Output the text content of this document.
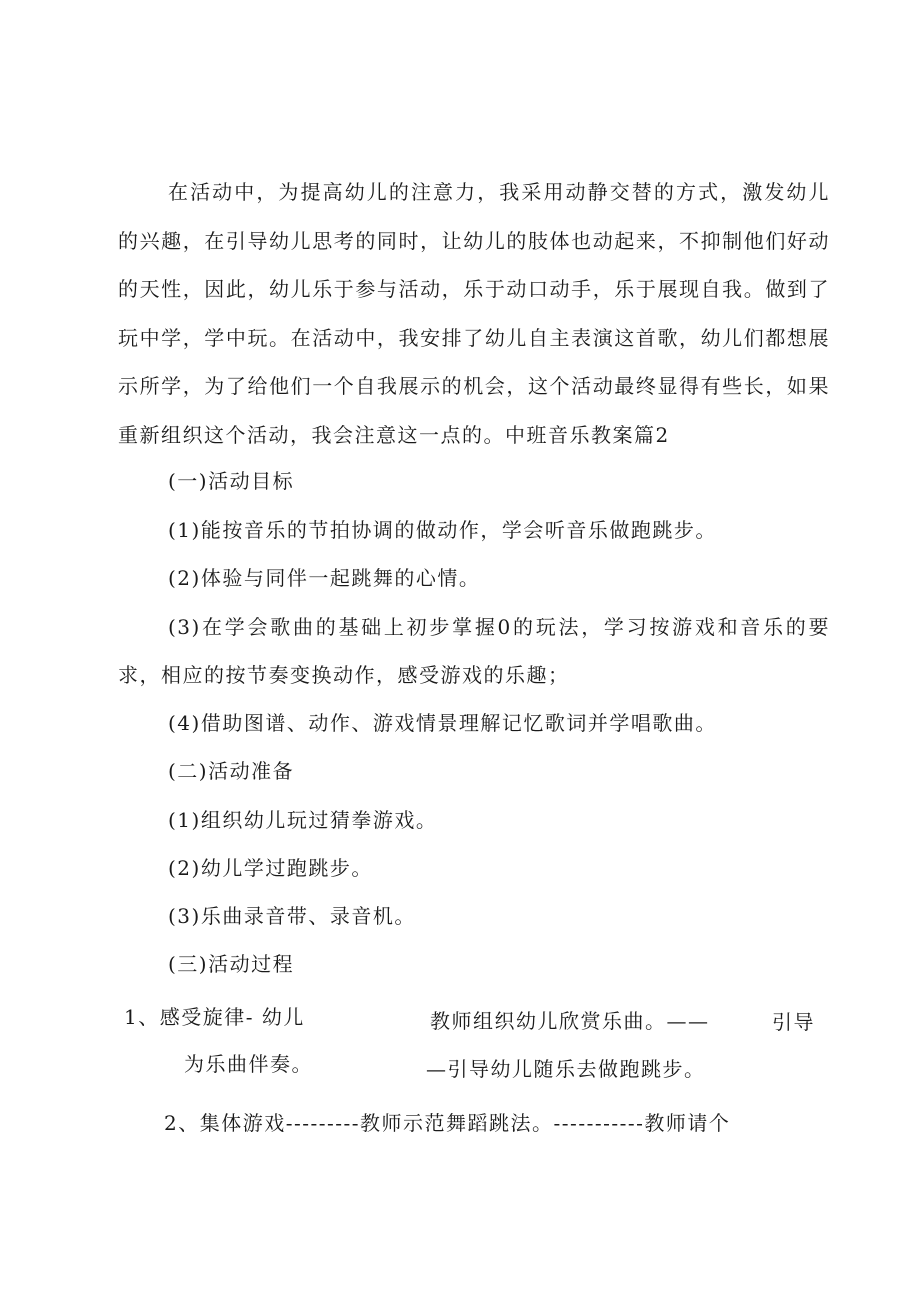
在活动中，为提高幼儿的注意力，我采用动静交替的方式，激发幼儿的兴趣，在引导幼儿思考的同时，让幼儿的肢体也动起来，不抑制他们好动的天性，因此，幼儿乐于参与活动，乐于动口动手，乐于展现自我。做到了玩中学，学中玩。在活动中，我安排了幼儿自主表演这首歌，幼儿们都想展示所学，为了给他们一个自我展示的机会，这个活动最终显得有些长，如果重新组织这个活动，我会注意这一点的。中班音乐教案篇2

(一)活动目标

(1)能按音乐的节拍协调的做动作，学会听音乐做跑跳步。

(2)体验与同伴一起跳舞的心情。

(3)在学会歌曲的基础上初步掌握0的玩法，学习按游戏和音乐的要求，相应的按节奏变换动作，感受游戏的乐趣；

(4)借助图谱、动作、游戏情景理解记忆歌词并学唱歌曲。

(二)活动准备

(1)组织幼儿玩过猜拳游戏。

(2)幼儿学过跑跳步。

(3)乐曲录音带、录音机。

(三)活动过程

1、感受旋律- 幼儿
为乐曲伴奏。
教师组织幼儿欣赏乐曲。——
—引导幼儿随乐去做跑跳步。
引导

2、集体游戏---------教师示范舞蹈跳法。-----------教师请个
